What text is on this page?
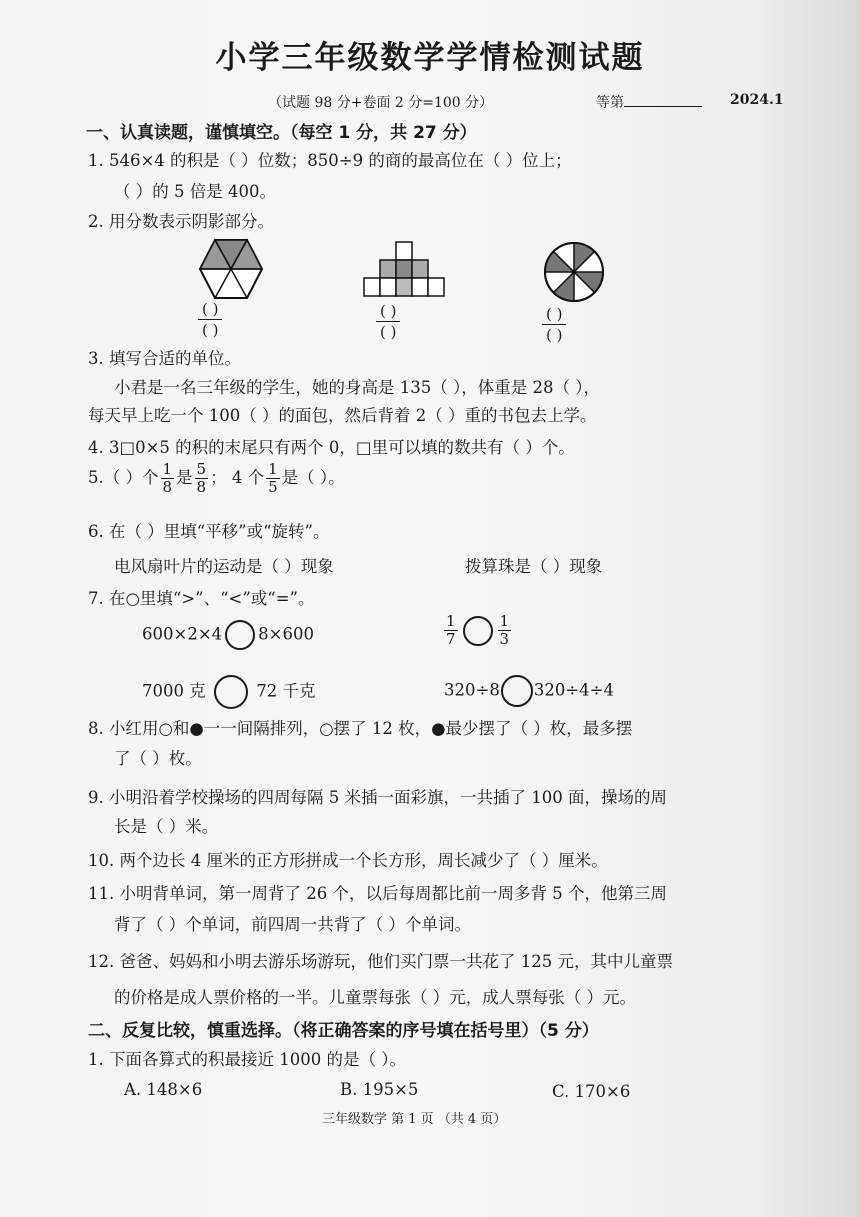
小学三年级数学学情检测试题
（试题 98 分+卷面 2 分=100 分）	等第	2024.1
一、认真读题，谨慎填空。（每空 1 分，共 27 分）
1. 546×4 的积是（ ）位数；850÷9 的商的最高位在（ ）位上；
（ ）的 5 倍是 400。
2. 用分数表示阴影部分。
( )
( )
( )
( )
( )
( )
3. 填写合适的单位。
小君是一名三年级的学生，她的身高是 135（ ），体重是 28（ ），
每天早上吃一个 100（ ）的面包，然后背着 2（ ）重的书包去上学。
4. 3□0×5 的积的末尾只有两个 0，□里可以填的数共有（ ）个。
5.（ ）个 $\frac{1}{8}$ 是 $\frac{5}{8}$ ； 4 个 $\frac{1}{5}$ 是（ ）。
6. 在（ ）里填“平移”或“旋转”。
电风扇叶片的运动是（ ）现象	拨算珠是（ ）现象
7. 在○里填“>”、“<”或“=”。
600×2×4 8×600	$\frac{1}{7}$	$\frac{1}{3}$
7000 克	72 千克	320÷8 320÷4÷4
8. 小红用○和●一一间隔排列，○摆了 12 枚，●最少摆了（ ）枚，最多摆
了（ ）枚。
9. 小明沿着学校操场的四周每隔 5 米插一面彩旗，一共插了 100 面，操场的周
长是（ ）米。
10. 两个边长 4 厘米的正方形拼成一个长方形，周长减少了（ ）厘米。
11. 小明背单词，第一周背了 26 个，以后每周都比前一周多背 5 个，他第三周
背了（ ）个单词，前四周一共背了（ ）个单词。
12. 爸爸、妈妈和小明去游乐场游玩，他们买门票一共花了 125 元，其中儿童票
的价格是成人票价格的一半。儿童票每张（ ）元，成人票每张（ ）元。
二、反复比较，慎重选择。（将正确答案的序号填在括号里）（5 分）
1. 下面各算式的积最接近 1000 的是（ ）。
A. 148×6	B. 195×5	C. 170×6
三年级数学 第 1 页 （共 4 页）
